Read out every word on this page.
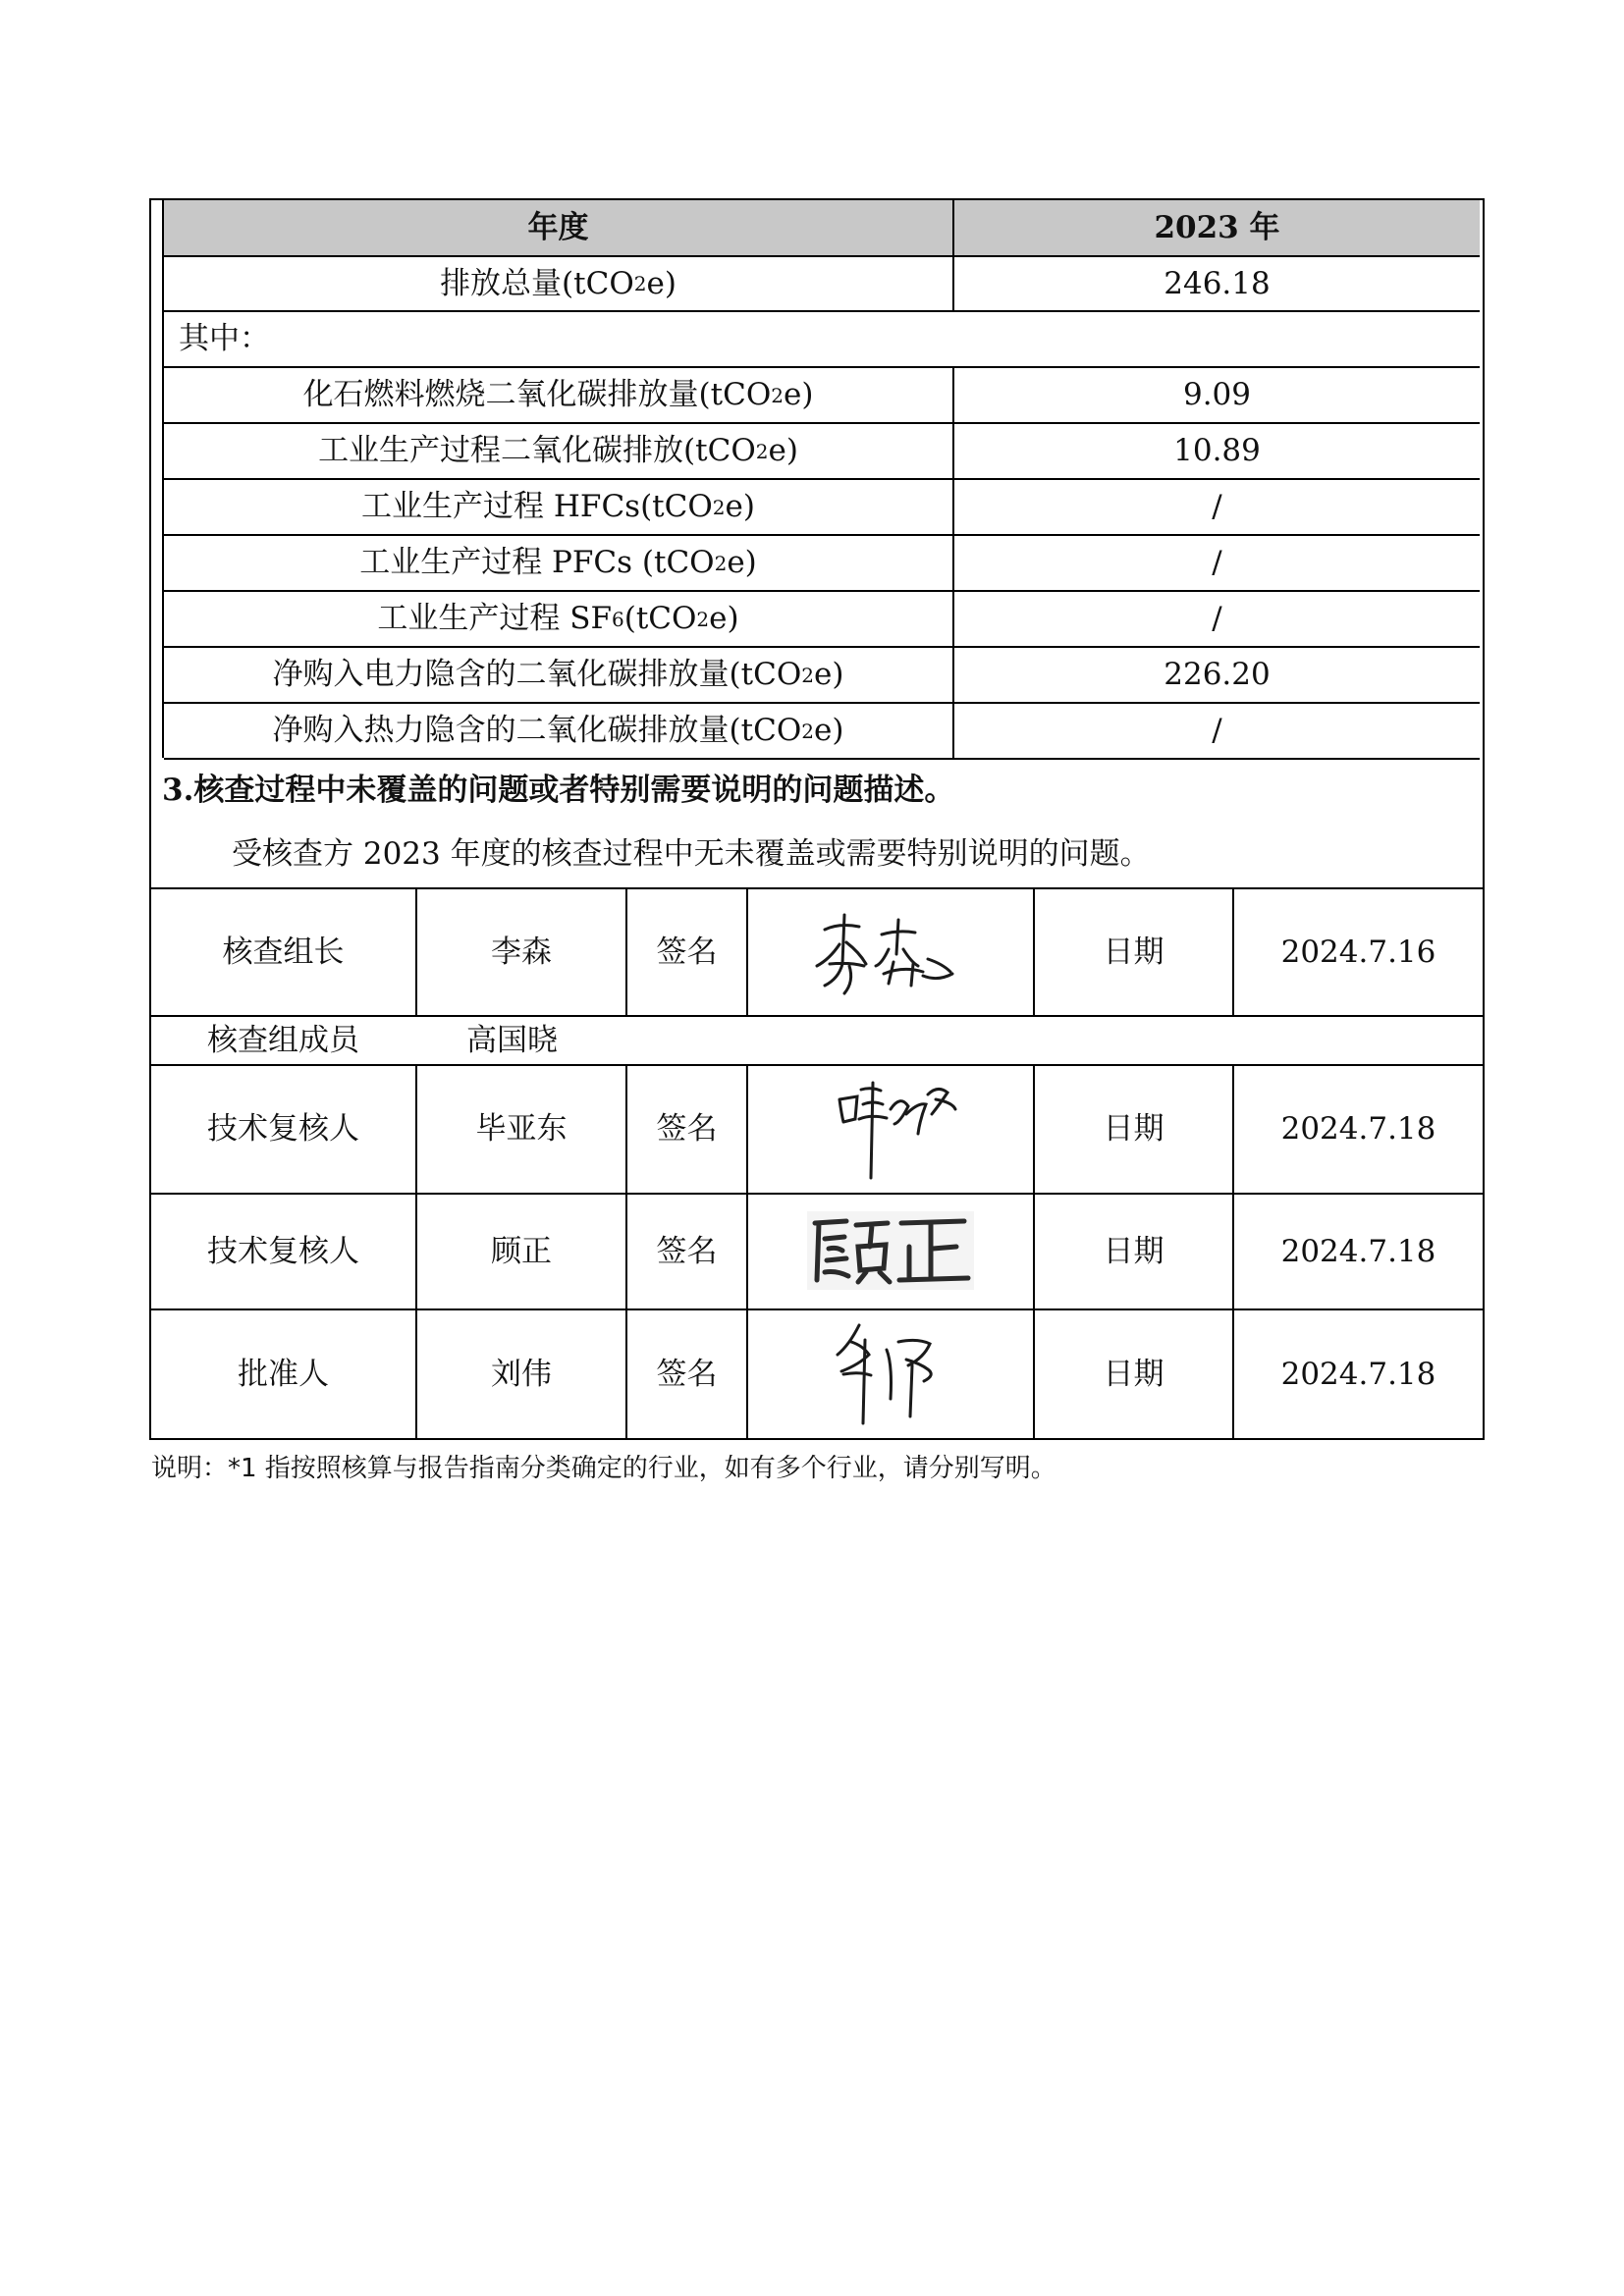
年度	2023 年
排放总量(tCO 2 e)	246.18
其中：
化石燃料燃烧二氧化碳排放量(tCO 2 e)	9.09
工业生产过程二氧化碳排放(tCO 2 e)	10.89
工业生产过程 HFCs(tCO 2 e)	/
工业生产过程 PFCs (tCO 2 e)	/
工业生产过程 SF 6 (tCO 2 e)	/
净购入电力隐含的二氧化碳排放量(tCO 2 e)	226.20
净购入热力隐含的二氧化碳排放量(tCO 2 e)	/
3.核查过程中未覆盖的问题或者特别需要说明的问题描述。
受核查方 2023 年度的核查过程中无未覆盖或需要特别说明的问题。
核查组长	李森	签名	日期	2024.7.16
核查组成员	高国晓
技术复核人	毕亚东	签名	日期	2024.7.18
技术复核人	顾正	签名	日期	2024.7.18
批准人	刘伟	签名	日期	2024.7.18
说明：*1 指按照核算与报告指南分类确定的行业，如有多个行业，请分别写明。
